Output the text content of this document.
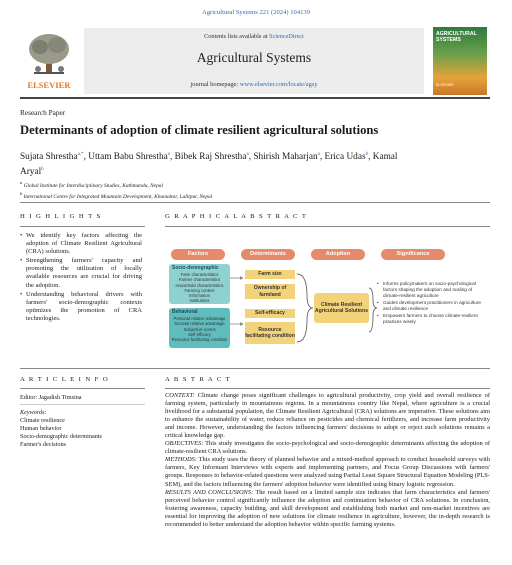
Agricultural Systems 221 (2024) 104139
ELSEVIER
Contents lists available at ScienceDirect
Agricultural Systems
journal homepage: www.elsevier.com/locate/agsy
AGRICULTURAL SYSTEMS
ELSEVIER
Research Paper
Determinants of adoption of climate resilient agricultural solutions
Sujata Shrestha$^{a,*}$, Uttam Babu Shrestha$^a$, Bibek Raj Shrestha$^a$, Shirish Maharjan$^a$, Erica Udas$^b$, Kamal Aryal$^b$
$^a$ Global Institute for Interdisciplinary Studies, Kathmandu, Nepal
$^b$ International Centre for Integrated Mountain Development, Khumaltar, Lalitpur, Nepal
H I G H L I G H T S
• We identify key factors affecting the adoption of Climate Resilient Agricultural (CRA) solutions.
• Strengthening farmers' capacity and promoting the utilization of locally available resources are crucial for driving the adoption.
• Understanding behavioral drivers with farmers' socio-demographic contexts optimizes the promotion of CRA technologies.
G R A P H I C A L A B S T R A C T
Factors	Determinants	Adoption	Significance
Socio-demographic
Farm characteristics
Farmer characteristics
Household characteristics
Farming context
Information
Institutions
Behavioral
Personal relative advantage
Societal relative advantage
Subjective norms
Self-efficacy
Resource facilitating condition
Farm size
Ownership of farmland
Self-efficacy
Resource facilitating condition
Climate Resilient Agricultural Solutions
• Informs policymakers on socio-psychological factors shaping the adoption and scaling of climate-resilient agriculture
• Guides development practitioners in agriculture and climate resilience
• Empowers farmers to choose climate-resilient practices wisely
A R T I C L E I N F O
Editor: Jagadish Timsina
Keywords:
Climate resilience
Human behavior
Socio-demographic determinants
Farmer's decisions
A B S T R A C T

CONTEXT: Climate change poses significant challenges to agricultural productivity, crop yield and overall resilience of farming system, particularly in mountainous regions. In a mountainous country like Nepal, where agriculture is a crucial livelihood for a substantial population, the Climate Resilient Agricultural (CRA) solutions are imperative. These solutions aim to enhance the sustainability of water, reduce reliance on pesticides and chemical fertilizers, and increase farm productivity and income. However, understanding the factors influencing farmers' decisions to adopt or reject such solutions remains a critical knowledge gap.

OBJECTIVES: This study investigates the socio-psychological and socio-demographic determinants affecting the adoption of climate-resilient CRA solutions.

METHODS: This study uses the theory of planned behavior and a mixed-method approach to conduct household surveys with farmers, Key Informant Interviews with experts and implementing partners, and Focus Group Discussions with farmers' groups. Responses to behavior-related questions were analyzed using Partial Least Square Structural Equation Modeling (PLS-SEM), and the factors influencing the farmers' adoption behavior were identified using binary logistic regression.

RESULTS AND CONCLUSIONS: The result based on a limited sample size indicates that farm characteristics and farmers' perceived behavior control significantly influence the adoption and continuation behavior of CRA solutions. In conclusion, fostering awareness, capacity building, and skill development and establishing both market and non-market incentives are essential for improving the adoption of new solutions for climate resilience in agriculture, however, the in-depth research is recommended to better understand the adoption behavior within specific farming systems.
